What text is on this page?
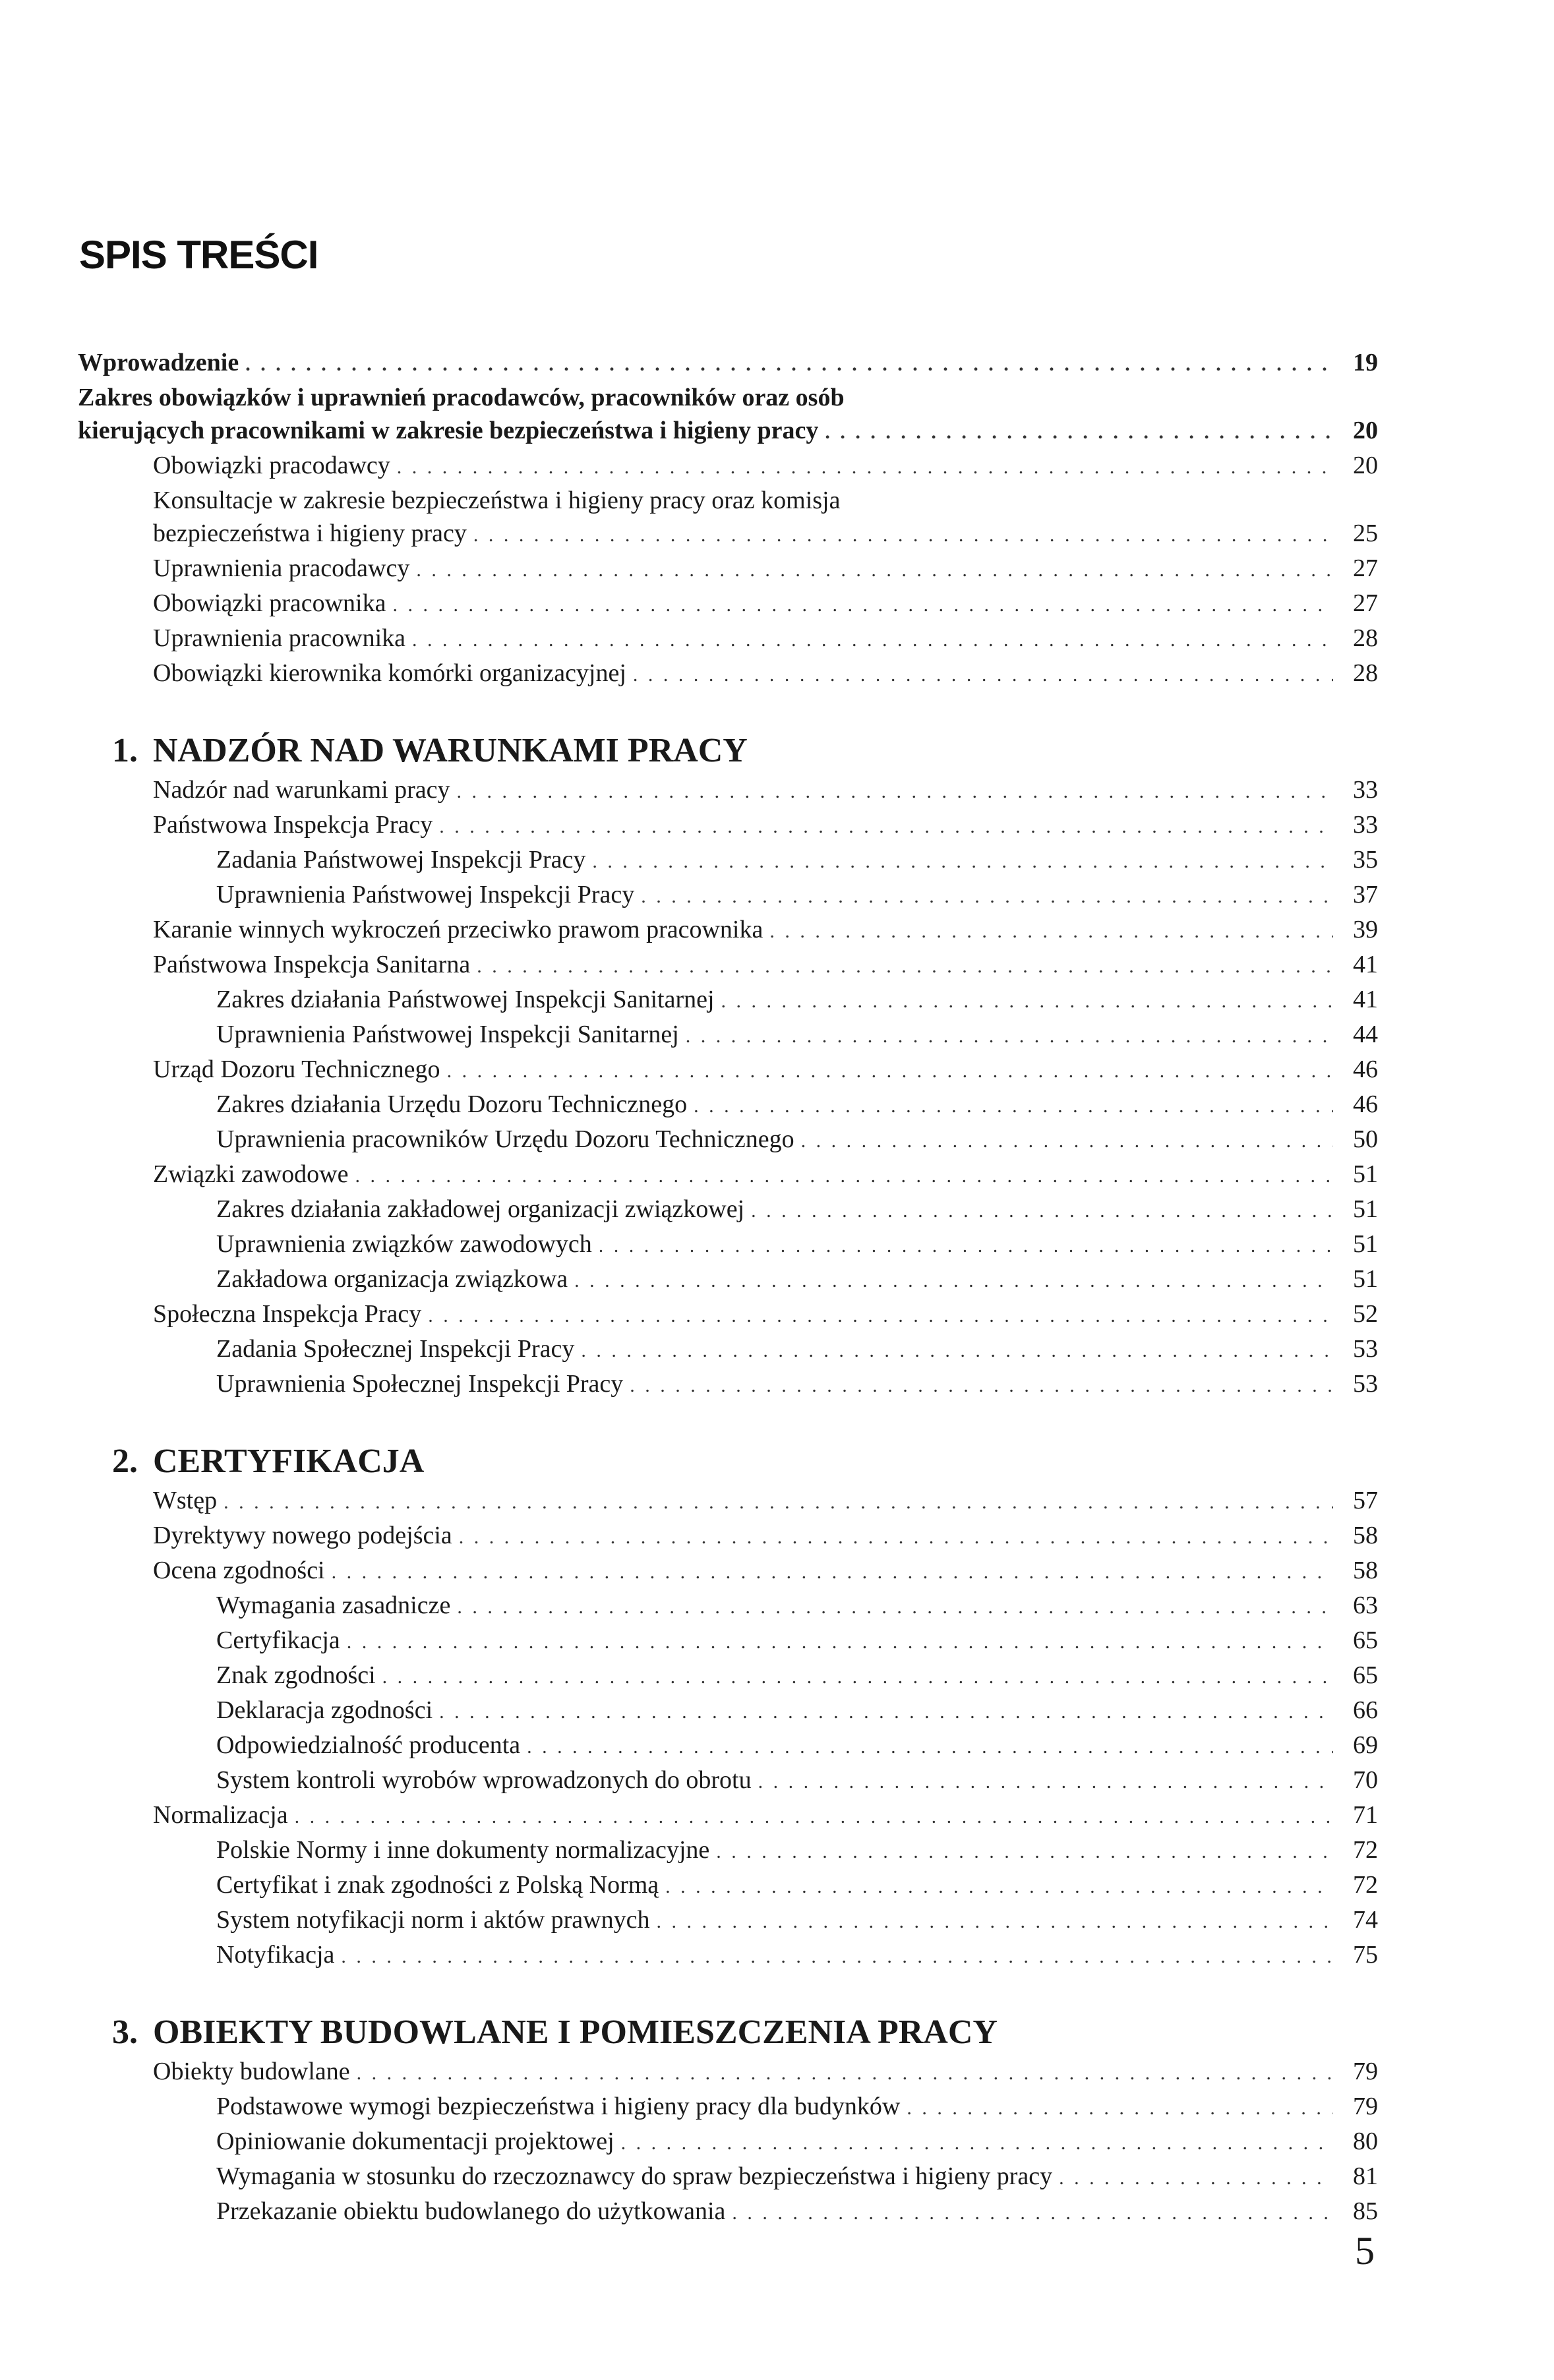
SPIS TREŚCI
Wprowadzenie . . .	19
Zakres obowiązków i uprawnień pracodawców, pracowników oraz osób
kierujących pracownikami w zakresie bezpieczeństwa i higieny pracy . . .	20
Obowiązki pracodawcy . . .	20
Konsultacje w zakresie bezpieczeństwa i higieny pracy oraz komisja
bezpieczeństwa i higieny pracy . . .	25
Uprawnienia pracodawcy . . .	27
Obowiązki pracownika . . .	27
Uprawnienia pracownika . . .	28
Obowiązki kierownika komórki organizacyjnej . . .	28
1. NADZÓR NAD WARUNKAMI PRACY
Nadzór nad warunkami pracy . . .	33
Państwowa Inspekcja Pracy . . .	33
Zadania Państwowej Inspekcji Pracy . . .	35
Uprawnienia Państwowej Inspekcji Pracy . . .	37
Karanie winnych wykroczeń przeciwko prawom pracownika . . .	39
Państwowa Inspekcja Sanitarna . . .	41
Zakres działania Państwowej Inspekcji Sanitarnej . . .	41
Uprawnienia Państwowej Inspekcji Sanitarnej . . .	44
Urząd Dozoru Technicznego . . .	46
Zakres działania Urzędu Dozoru Technicznego . . .	46
Uprawnienia pracowników Urzędu Dozoru Technicznego . . .	50
Związki zawodowe . . .	51
Zakres działania zakładowej organizacji związkowej . . .	51
Uprawnienia związków zawodowych . . .	51
Zakładowa organizacja związkowa . . .	51
Społeczna Inspekcja Pracy . . .	52
Zadania Społecznej Inspekcji Pracy . . .	53
Uprawnienia Społecznej Inspekcji Pracy . . .	53
2. CERTYFIKACJA
Wstęp . . .	57
Dyrektywy nowego podejścia . . .	58
Ocena zgodności . . .	58
Wymagania zasadnicze . . .	63
Certyfikacja . . .	65
Znak zgodności . . .	65
Deklaracja zgodności . . .	66
Odpowiedzialność producenta . . .	69
System kontroli wyrobów wprowadzonych do obrotu . . .	70
Normalizacja . . .	71
Polskie Normy i inne dokumenty normalizacyjne . . .	72
Certyfikat i znak zgodności z Polską Normą . . .	72
System notyfikacji norm i aktów prawnych . . .	74
Notyfikacja . . .	75
3. OBIEKTY BUDOWLANE I POMIESZCZENIA PRACY
Obiekty budowlane . . .	79
Podstawowe wymogi bezpieczeństwa i higieny pracy dla budynków . . .	79
Opiniowanie dokumentacji projektowej . . .	80
Wymagania w stosunku do rzeczoznawcy do spraw bezpieczeństwa i higieny pracy . . .	81
Przekazanie obiektu budowlanego do użytkowania . . .	85

5
